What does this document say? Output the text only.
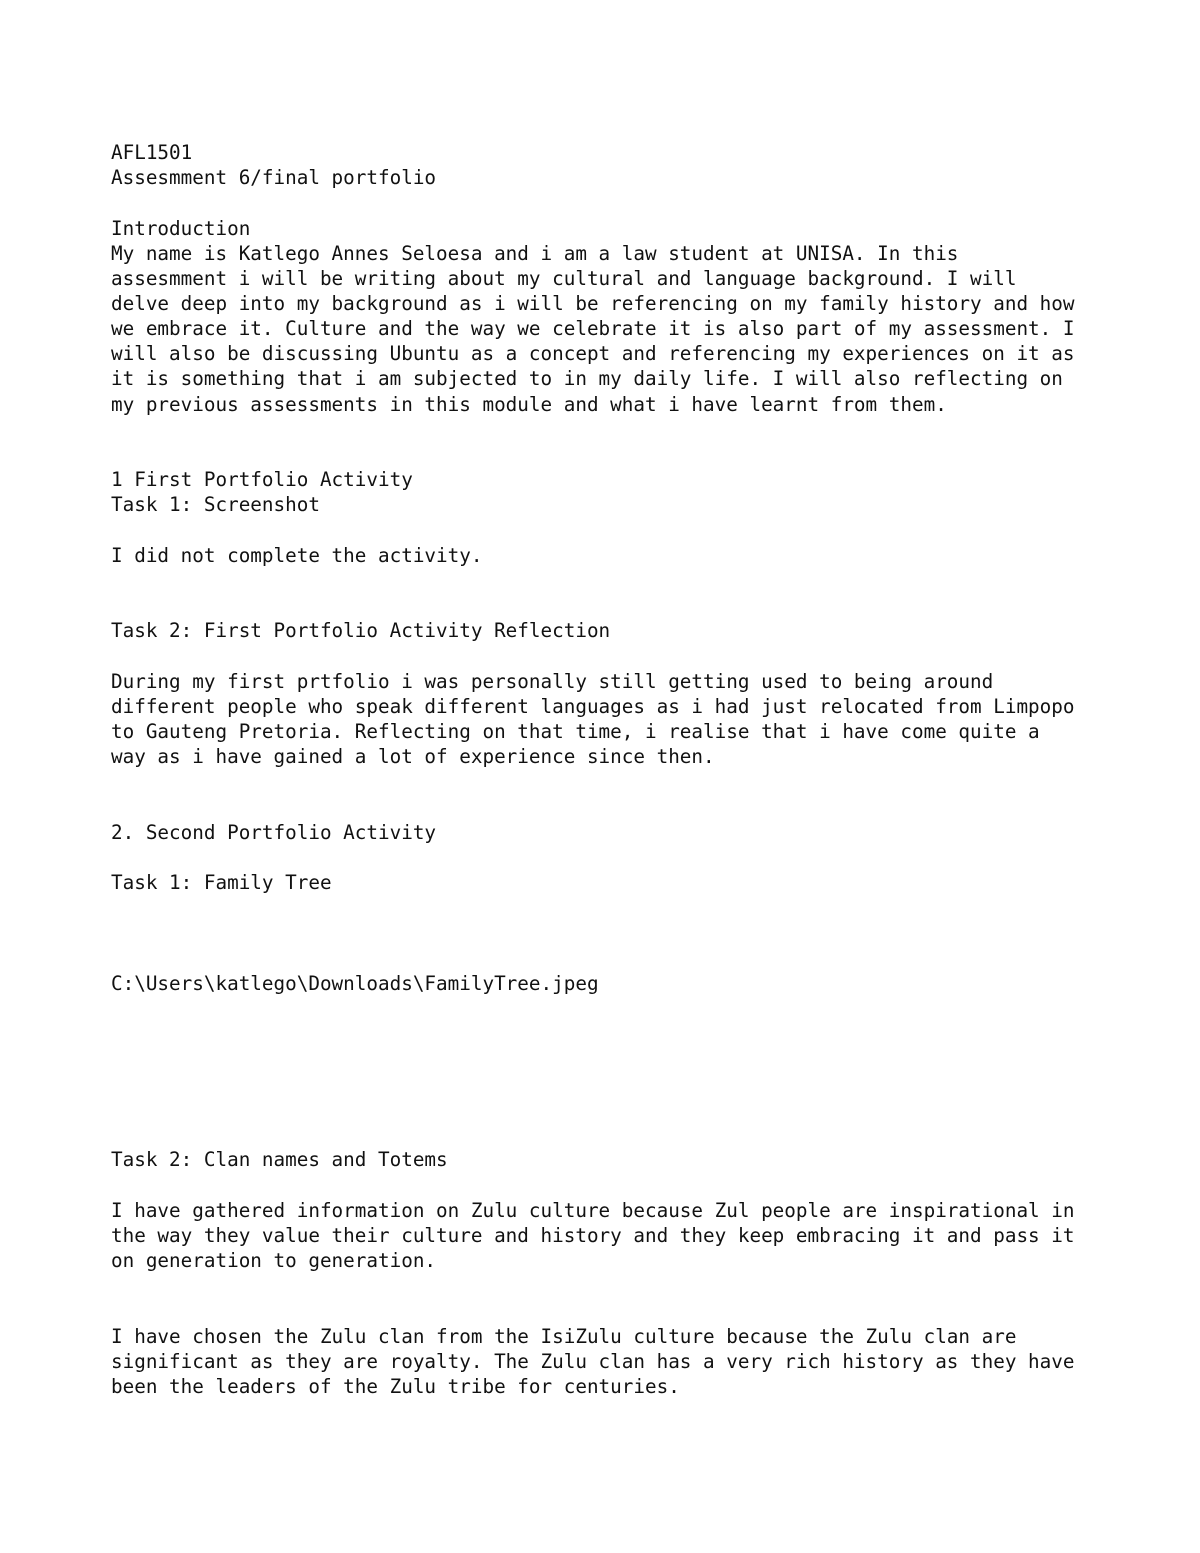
AFL1501
Assesmment 6/final portfolio
Introduction
My name is Katlego Annes Seloesa and i am a law student at UNISA. In this
assesmment i will be writing about my cultural and language background. I will
delve deep into my background as i will be referencing on my family history and how
we embrace it. Culture and the way we celebrate it is also part of my assessment. I
will also be discussing Ubuntu as a concept and referencing my experiences on it as
it is something that i am subjected to in my daily life. I will also reflecting on
my previous assessments in this module and what i have learnt from them.
1 First Portfolio Activity
Task 1: Screenshot
I did not complete the activity.
Task 2: First Portfolio Activity Reflection
During my first prtfolio i was personally still getting used to being around
different people who speak different languages as i had just relocated from Limpopo
to Gauteng Pretoria. Reflecting on that time, i realise that i have come quite a
way as i have gained a lot of experience since then.
2. Second Portfolio Activity
Task 1: Family Tree
C:\Users\katlego\Downloads\FamilyTree.jpeg
Task 2: Clan names and Totems
I have gathered information on Zulu culture because Zul people are inspirational in
the way they value their culture and history and they keep embracing it and pass it
on generation to generation.
I have chosen the Zulu clan from the IsiZulu culture because the Zulu clan are
significant as they are royalty. The Zulu clan has a very rich history as they have
been the leaders of the Zulu tribe for centuries.
